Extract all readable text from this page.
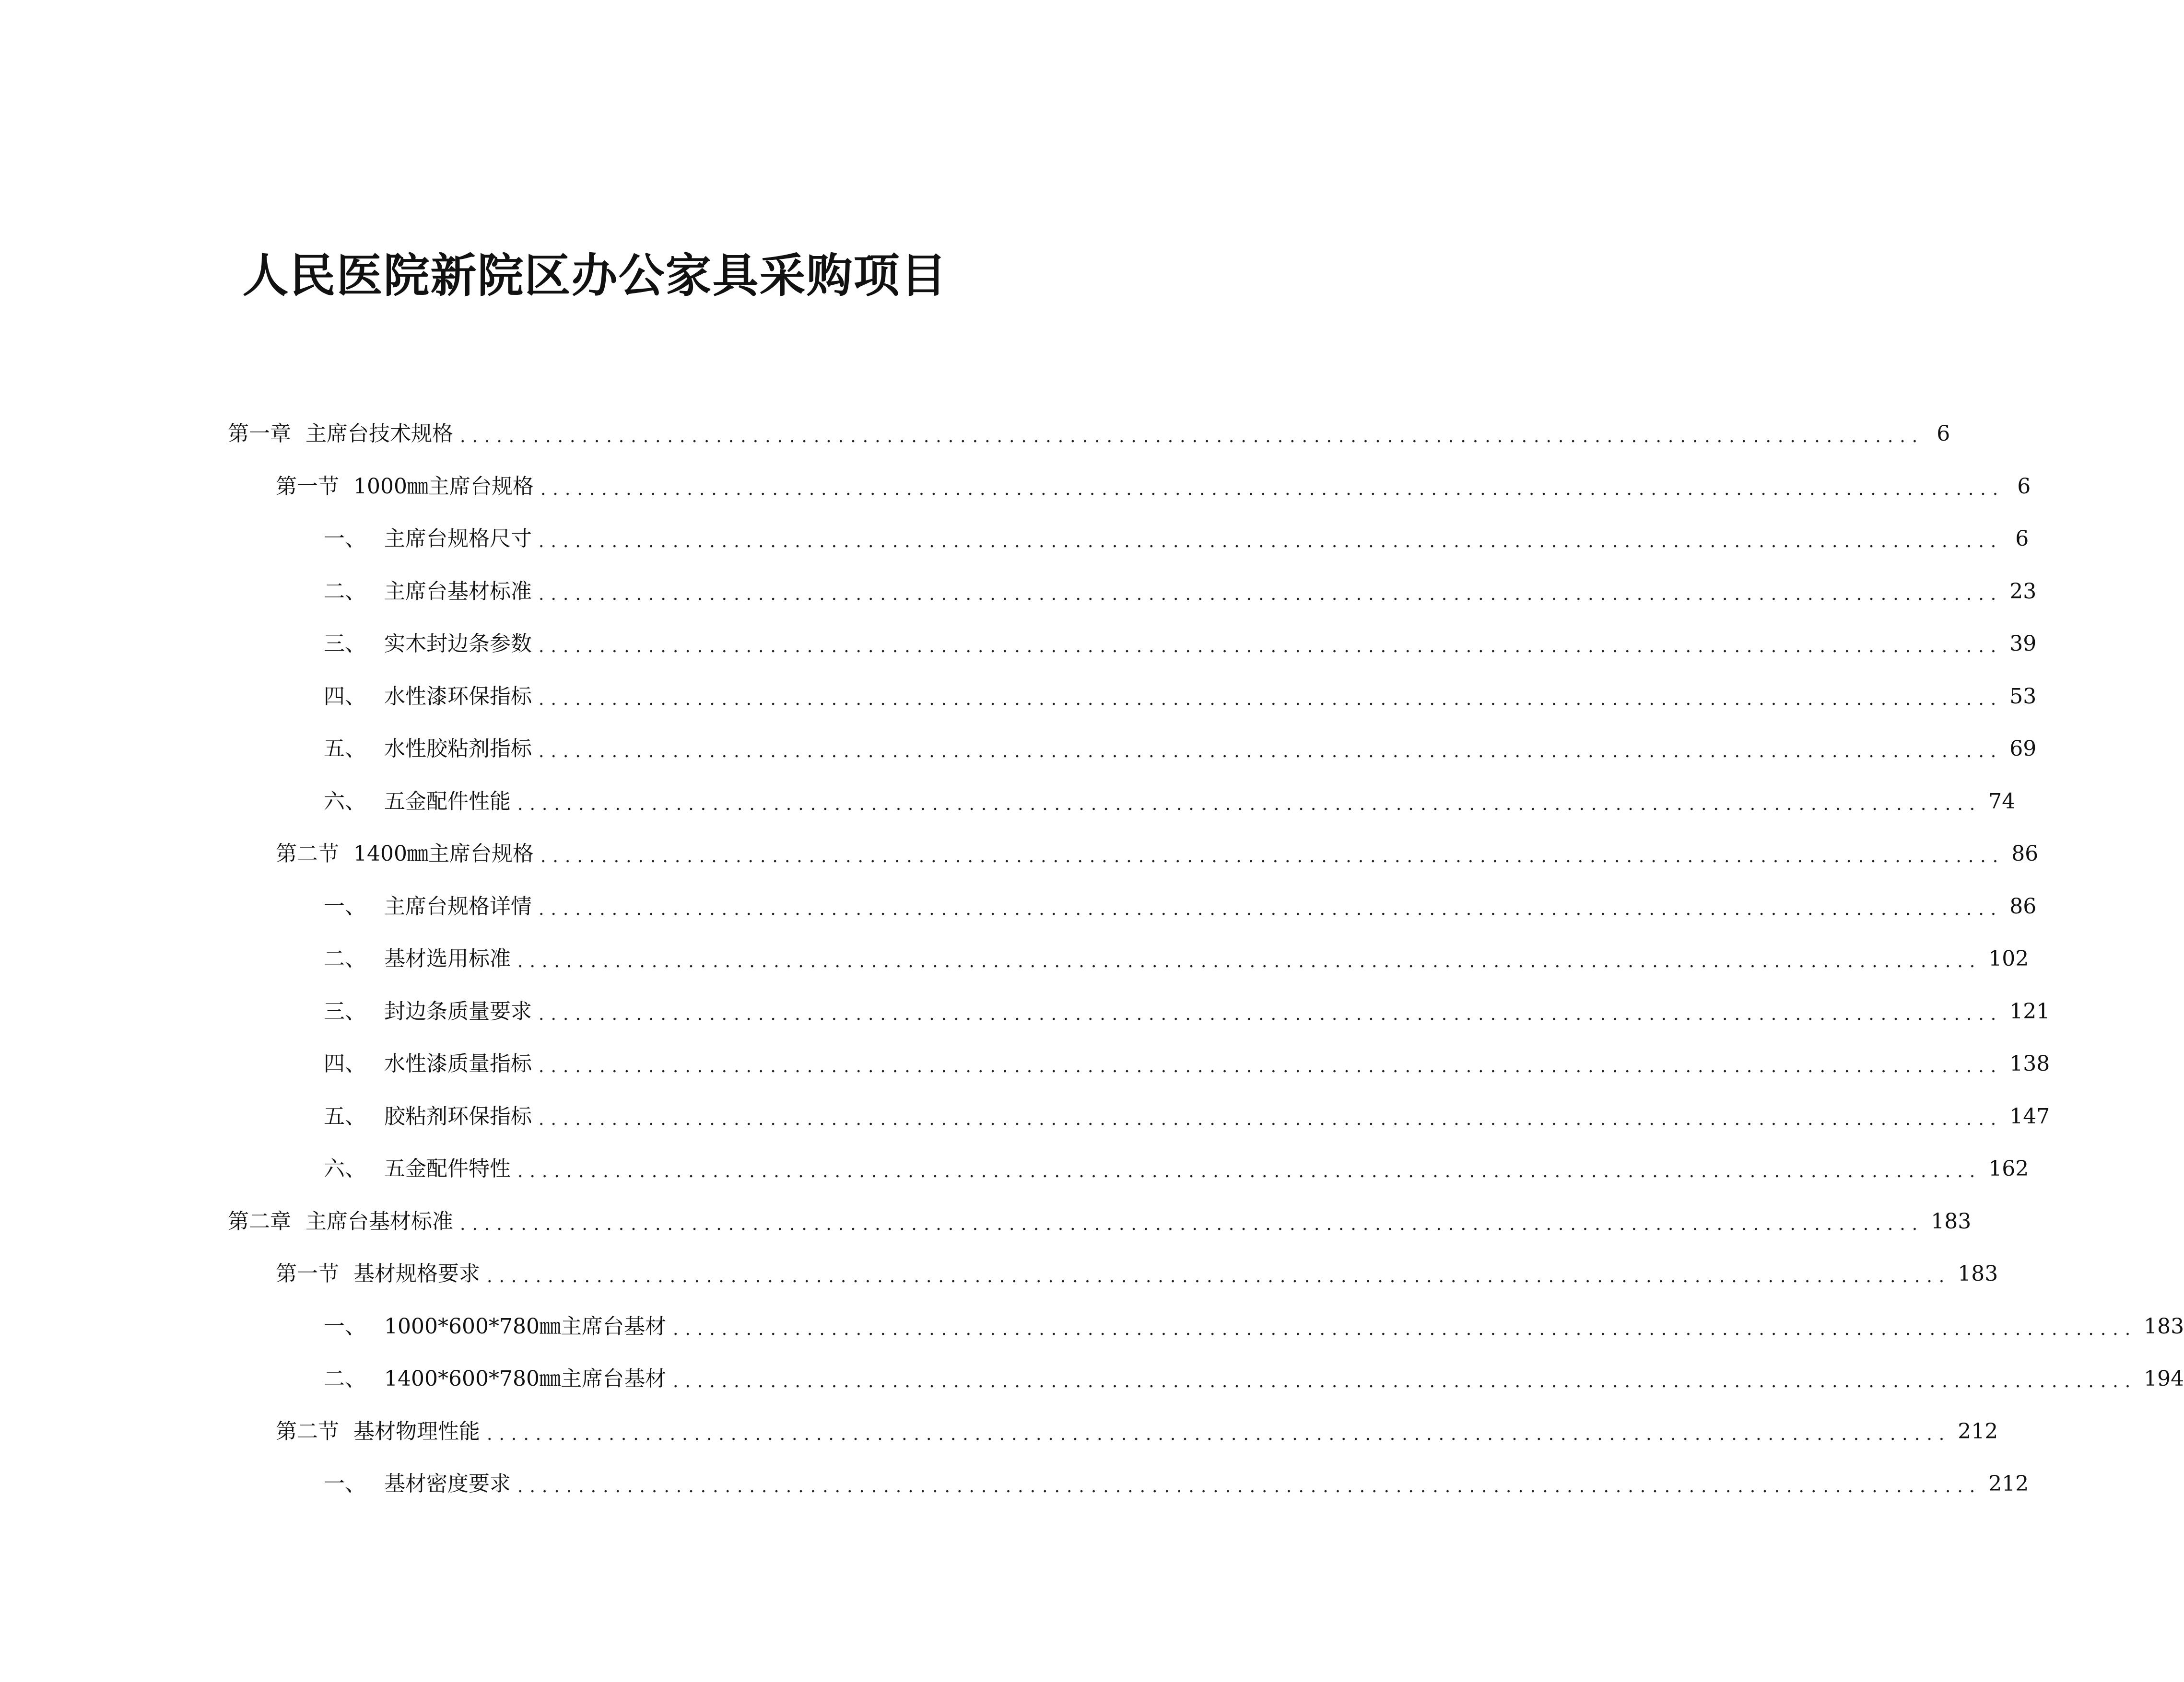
人民医院新院区办公家具采购项目
第一章 主席台技术规格 ........................................................................................................................ 6
第一节 1000㎜主席台规格 ........................................................................................................................ 6
一、 主席台规格尺寸 ........................................................................................................................ 6
二、 主席台基材标准 ........................................................................................................................ 23
三、 实木封边条参数 ........................................................................................................................ 39
四、 水性漆环保指标 ........................................................................................................................ 53
五、 水性胶粘剂指标 ........................................................................................................................ 69
六、 五金配件性能 ........................................................................................................................ 74
第二节 1400㎜主席台规格 ........................................................................................................................ 86
一、 主席台规格详情 ........................................................................................................................ 86
二、 基材选用标准 ........................................................................................................................ 102
三、 封边条质量要求 ........................................................................................................................ 121
四、 水性漆质量指标 ........................................................................................................................ 138
五、 胶粘剂环保指标 ........................................................................................................................ 147
六、 五金配件特性 ........................................................................................................................ 162
第二章 主席台基材标准 ........................................................................................................................ 183
第一节 基材规格要求 ........................................................................................................................ 183
一、 1000*600*780㎜主席台基材 ........................................................................................................................ 183
二、 1400*600*780㎜主席台基材 ........................................................................................................................ 194
第二节 基材物理性能 ........................................................................................................................ 212
一、 基材密度要求 ........................................................................................................................ 212
